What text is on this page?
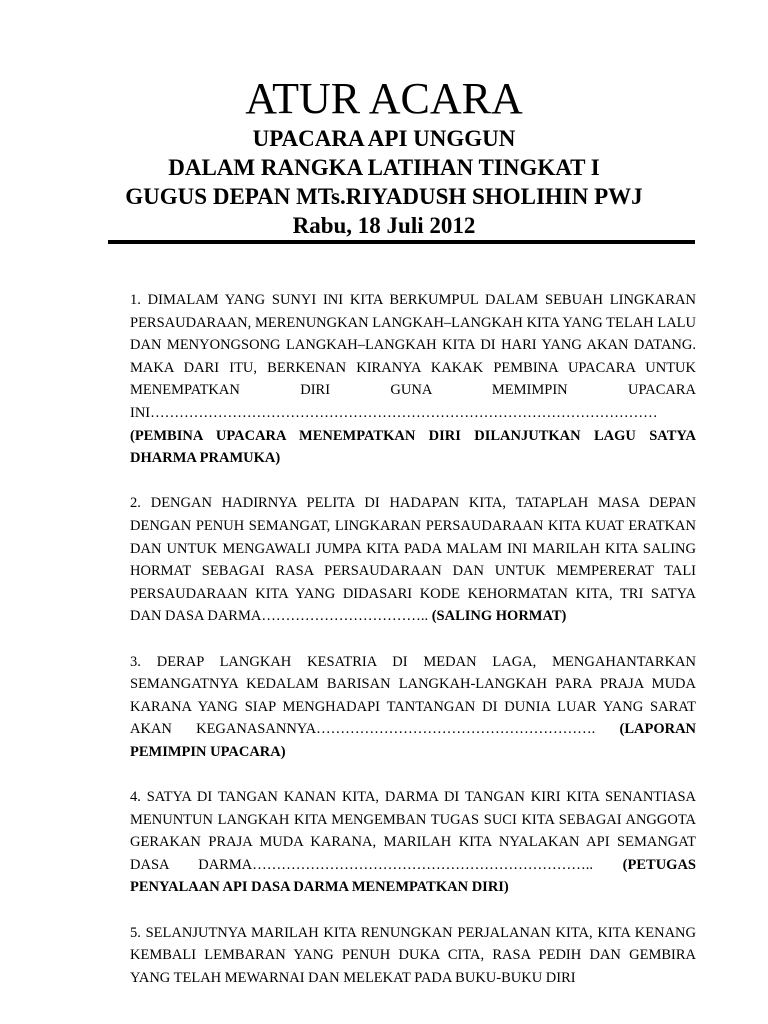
ATUR ACARA
UPACARA API UNGGUN
DALAM RANGKA LATIHAN TINGKAT I
GUGUS DEPAN MTs.RIYADUSH SHOLIHIN PWJ
Rabu, 18 Juli 2012

1. DIMALAM YANG SUNYI INI KITA BERKUMPUL DALAM SEBUAH LINGKARAN PERSAUDARAAN, MERENUNGKAN LANGKAH–LANGKAH KITA YANG TELAH LALU DAN MENYONGSONG LANGKAH–LANGKAH KITA DI HARI YANG AKAN DATANG. MAKA DARI ITU, BERKENAN KIRANYA KAKAK PEMBINA UPACARA UNTUK MENEMPATKAN DIRI GUNA MEMIMPIN UPACARA INI…………………………………………………………………………………………… (PEMBINA UPACARA MENEMPATKAN DIRI DILANJUTKAN LAGU SATYA DHARMA PRAMUKA)

2. DENGAN HADIRNYA PELITA DI HADAPAN KITA, TATAPLAH MASA DEPAN DENGAN PENUH SEMANGAT, LINGKARAN PERSAUDARAAN KITA KUAT ERATKAN DAN UNTUK MENGAWALI JUMPA KITA PADA MALAM INI MARILAH KITA SALING HORMAT SEBAGAI RASA PERSAUDARAAN DAN UNTUK MEMPERERAT TALI PERSAUDARAAN KITA YANG DIDASARI KODE KEHORMATAN KITA, TRI SATYA DAN DASA DARMA…………………………….. (SALING HORMAT)

3. DERAP LANGKAH KESATRIA DI MEDAN LAGA, MENGAHANTARKAN SEMANGATNYA KEDALAM BARISAN LANGKAH-LANGKAH PARA PRAJA MUDA KARANA YANG SIAP MENGHADAPI TANTANGAN DI DUNIA LUAR YANG SARAT AKAN KEGANASANNYA…………………………………………………. (LAPORAN PEMIMPIN UPACARA)

4. SATYA DI TANGAN KANAN KITA, DARMA DI TANGAN KIRI KITA SENANTIASA MENUNTUN LANGKAH KITA MENGEMBAN TUGAS SUCI KITA SEBAGAI ANGGOTA GERAKAN PRAJA MUDA KARANA, MARILAH KITA NYALAKAN API SEMANGAT DASA DARMA…………………………………………………………….. (PETUGAS PENYALAAN API DASA DARMA MENEMPATKAN DIRI)

5. SELANJUTNYA MARILAH KITA RENUNGKAN PERJALANAN KITA, KITA KENANG KEMBALI LEMBARAN YANG PENUH DUKA CITA, RASA PEDIH DAN GEMBIRA YANG TELAH MEWARNAI DAN MELEKAT PADA BUKU-BUKU DIRI
